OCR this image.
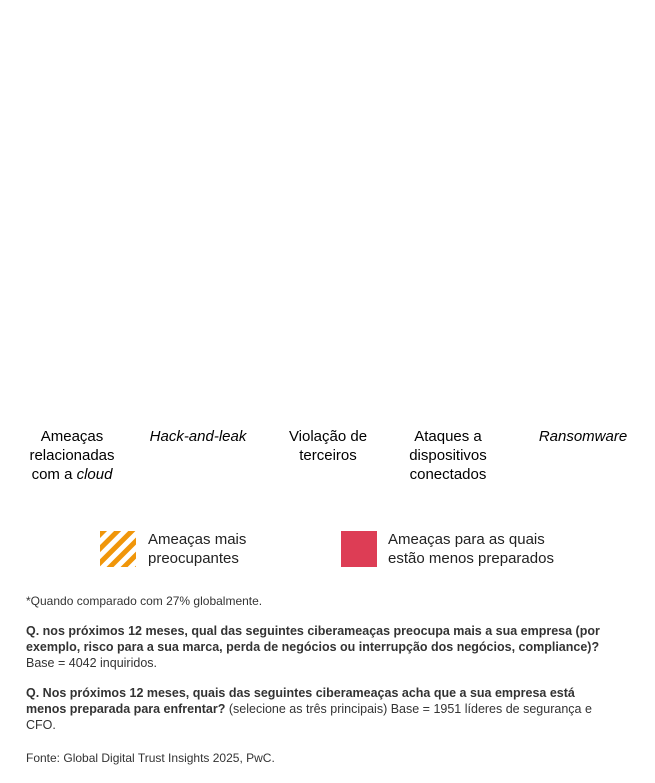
Ameaças relacionadas com a cloud
Hack-and-leak	Violação de terceiros
Ataques a dispositivos conectados
Ransomware
Ameaças mais
preocupantes
Ameaças para as quais
estão menos preparados
*Quando comparado com 27% globalmente.
Q. nos próximos 12 meses, qual das seguintes ciberameaças preocupa mais a sua empresa (por exemplo, risco para a sua marca, perda de negócios ou interrupção dos negócios, compliance)? Base = 4042 inquiridos.
Q. Nos próximos 12 meses, quais das seguintes ciberameaças acha que a sua empresa está menos preparada para enfrentar? (selecione as três principais) Base = 1951 líderes de segurança e CFO.
Fonte: Global Digital Trust Insights 2025, PwC.
